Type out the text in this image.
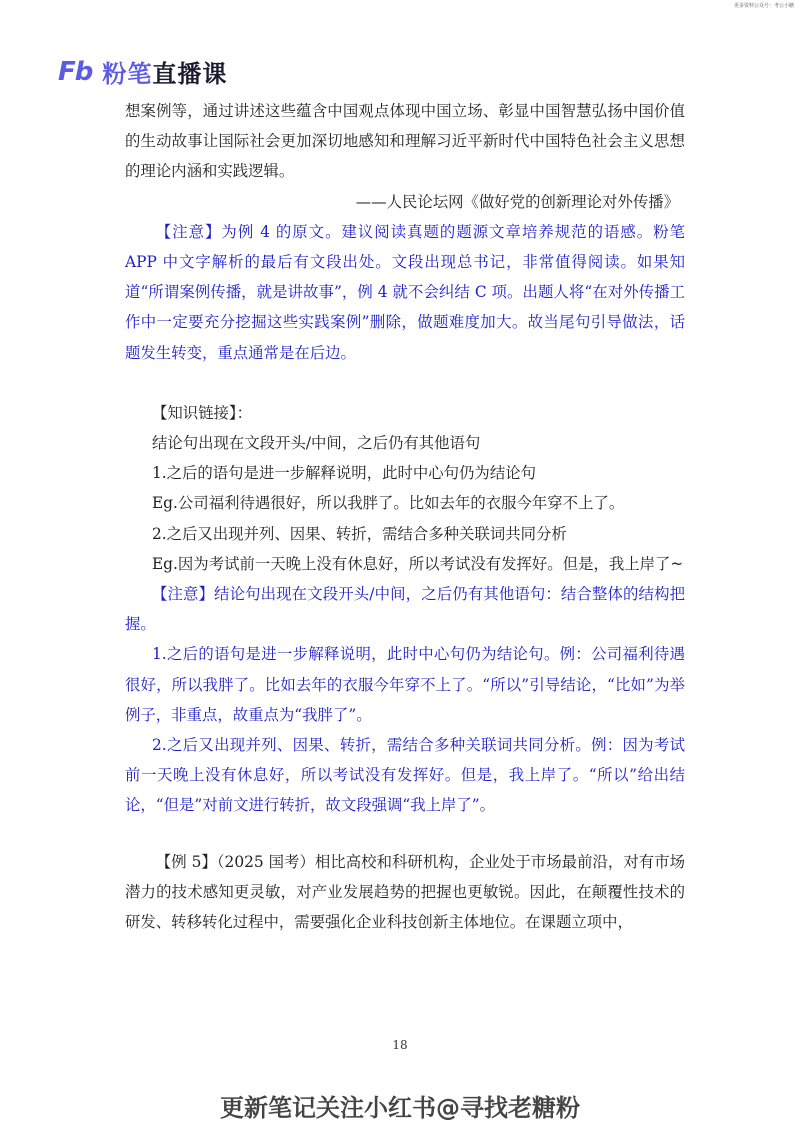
更多资料公众号：考公小糖
Fb 粉笔直播课

想案例等，通过讲述这些蕴含中国观点体现中国立场、彰显中国智慧弘扬中国价值的生动故事让国际社会更加深切地感知和理解习近平新时代中国特色社会主义思想的理论内涵和实践逻辑。

——人民论坛网《做好党的创新理论对外传播》

【注意】为例 4 的原文。建议阅读真题的题源文章培养规范的语感。粉笔 APP 中文字解析的最后有文段出处。文段出现总书记，非常值得阅读。如果知道“所谓案例传播，就是讲故事”，例 4 就不会纠结 C 项。出题人将“在对外传播工作中一定要充分挖掘这些实践案例”删除，做题难度加大。故当尾句引导做法，话题发生转变，重点通常是在后边。

【知识链接】：

结论句出现在文段开头/中间，之后仍有其他语句

1.之后的语句是进一步解释说明，此时中心句仍为结论句

Eg.公司福利待遇很好，所以我胖了。比如去年的衣服今年穿不上了。

2.之后又出现并列、因果、转折，需结合多种关联词共同分析

Eg.因为考试前一天晚上没有休息好，所以考试没有发挥好。但是，我上岸了~

【注意】结论句出现在文段开头/中间，之后仍有其他语句：结合整体的结构把握。

1.之后的语句是进一步解释说明，此时中心句仍为结论句。例：公司福利待遇很好，所以我胖了。比如去年的衣服今年穿不上了。“所以”引导结论，“比如”为举例子，非重点，故重点为“我胖了”。

2.之后又出现并列、因果、转折，需结合多种关联词共同分析。例：因为考试前一天晚上没有休息好，所以考试没有发挥好。但是，我上岸了。“所以”给出结论，“但是”对前文进行转折，故文段强调“我上岸了”。

【例 5】（2025 国考）相比高校和科研机构，企业处于市场最前沿，对有市场潜力的技术感知更灵敏，对产业发展趋势的把握也更敏锐。因此，在颠覆性技术的研发、转移转化过程中，需要强化企业科技创新主体地位。在课题立项中，

18
更新笔记关注小红书@寻找老糖粉
